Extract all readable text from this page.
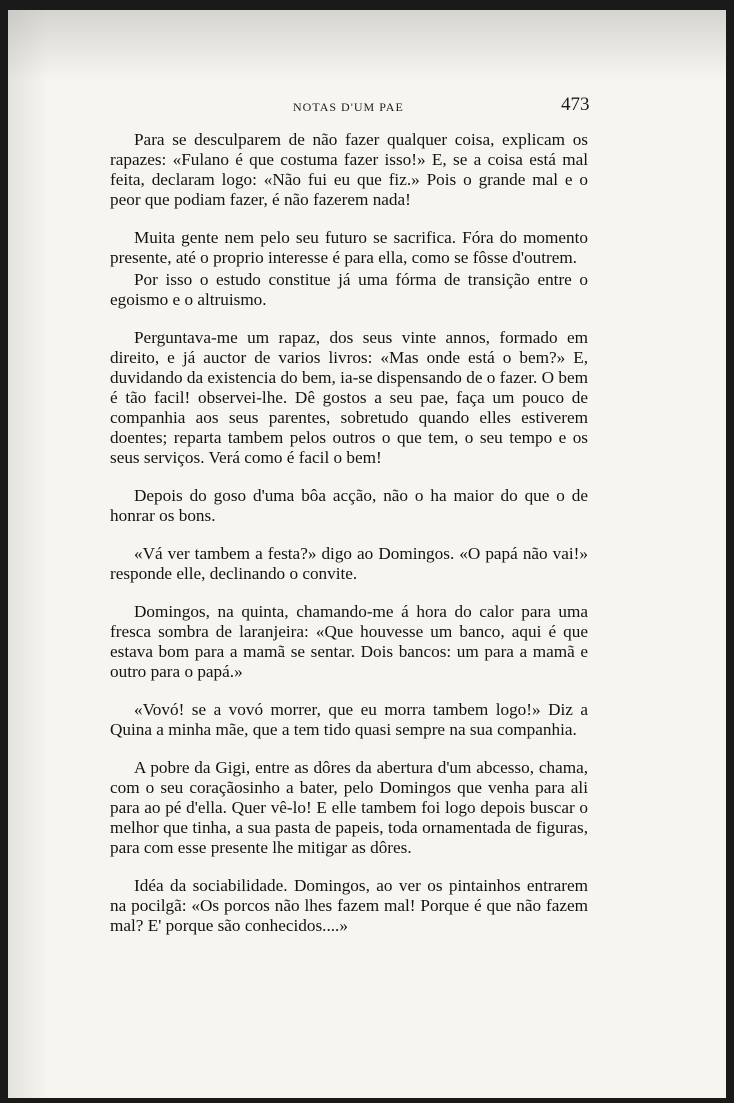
NOTAS D'UM PAE	473

Para se desculparem de não fazer qualquer coisa, explicam os rapazes: «Fulano é que costuma fazer isso!» E, se a coisa está mal feita, declaram logo: «Não fui eu que fiz.» Pois o grande mal e o peor que podiam fazer, é não fazerem nada!

Muita gente nem pelo seu futuro se sacrifica. Fóra do momento presente, até o proprio interesse é para ella, como se fôsse d'outrem.

Por isso o estudo constitue já uma fórma de transição entre o egoismo e o altruismo.

Perguntava-me um rapaz, dos seus vinte annos, formado em direito, e já auctor de varios livros: «Mas onde está o bem?» E, duvidando da existencia do bem, ia-se dispensando de o fazer. O bem é tão facil! observei-lhe. Dê gostos a seu pae, faça um pouco de companhia aos seus parentes, sobretudo quando elles estiverem doentes; reparta tambem pelos outros o que tem, o seu tempo e os seus serviços. Verá como é facil o bem!

Depois do goso d'uma bôa acção, não o ha maior do que o de honrar os bons.

«Vá ver tambem a festa?» digo ao Domingos. «O papá não vai!» responde elle, declinando o convite.

Domingos, na quinta, chamando-me á hora do calor para uma fresca sombra de laranjeira: «Que houvesse um banco, aqui é que estava bom para a mamã se sentar. Dois bancos: um para a mamã e outro para o papá.»

«Vovó! se a vovó morrer, que eu morra tambem logo!» Diz a Quina a minha mãe, que a tem tido quasi sempre na sua companhia.

A pobre da Gigi, entre as dôres da abertura d'um abcesso, chama, com o seu coraçãosinho a bater, pelo Domingos que venha para ali para ao pé d'ella. Quer vê-lo! E elle tambem foi logo depois buscar o melhor que tinha, a sua pasta de papeis, toda ornamentada de figuras, para com esse presente lhe mitigar as dôres.

Idéa da sociabilidade. Domingos, ao ver os pintainhos entrarem na pocilgã: «Os porcos não lhes fazem mal! Porque é que não fazem mal? E' porque são conhecidos....»
